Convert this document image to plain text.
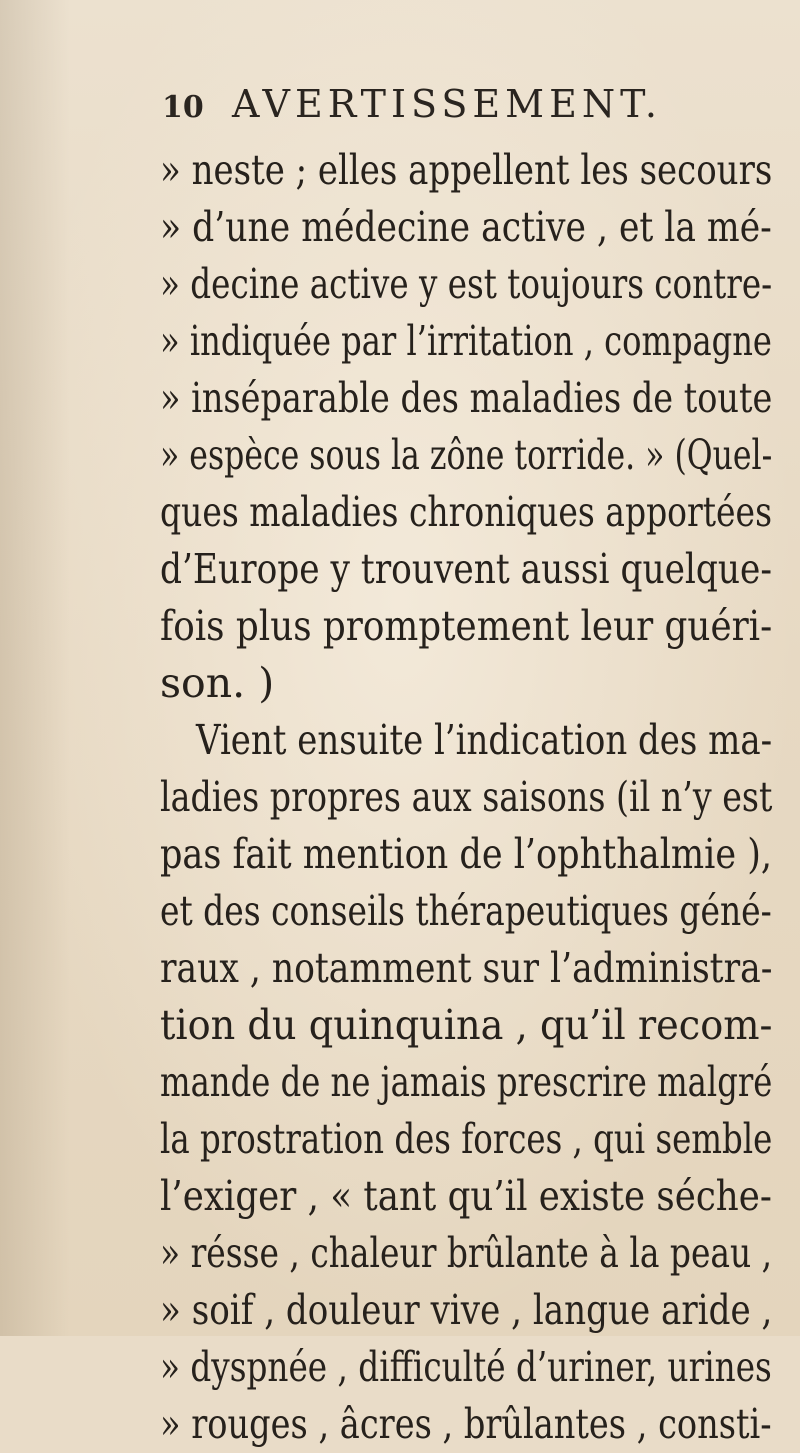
10 AVERTISSEMENT.
» neste ; elles appellent les secours
» d’une médecine active , et la mé-
» decine active y est toujours contre-
» indiquée par l’irritation , compagne
» inséparable des maladies de toute
» espèce sous la zône torride. » (Quel-
ques maladies chroniques apportées
d’Europe y trouvent aussi quelque-
fois plus promptement leur guéri-
son. )
Vient ensuite l’indication des ma-
ladies propres aux saisons (il n’y est
pas fait mention de l’ophthalmie ),
et des conseils thérapeutiques géné-
raux , notamment sur l’administra-
tion du quinquina , qu’il recom-
mande de ne jamais prescrire malgré
la prostration des forces , qui semble
l’exiger , « tant qu’il existe séche-
» résse , chaleur brûlante à la peau ,
» soif , douleur vive , langue aride ,
» dyspnée , difficulté d’uriner, urines
» rouges , âcres , brûlantes , consti-
